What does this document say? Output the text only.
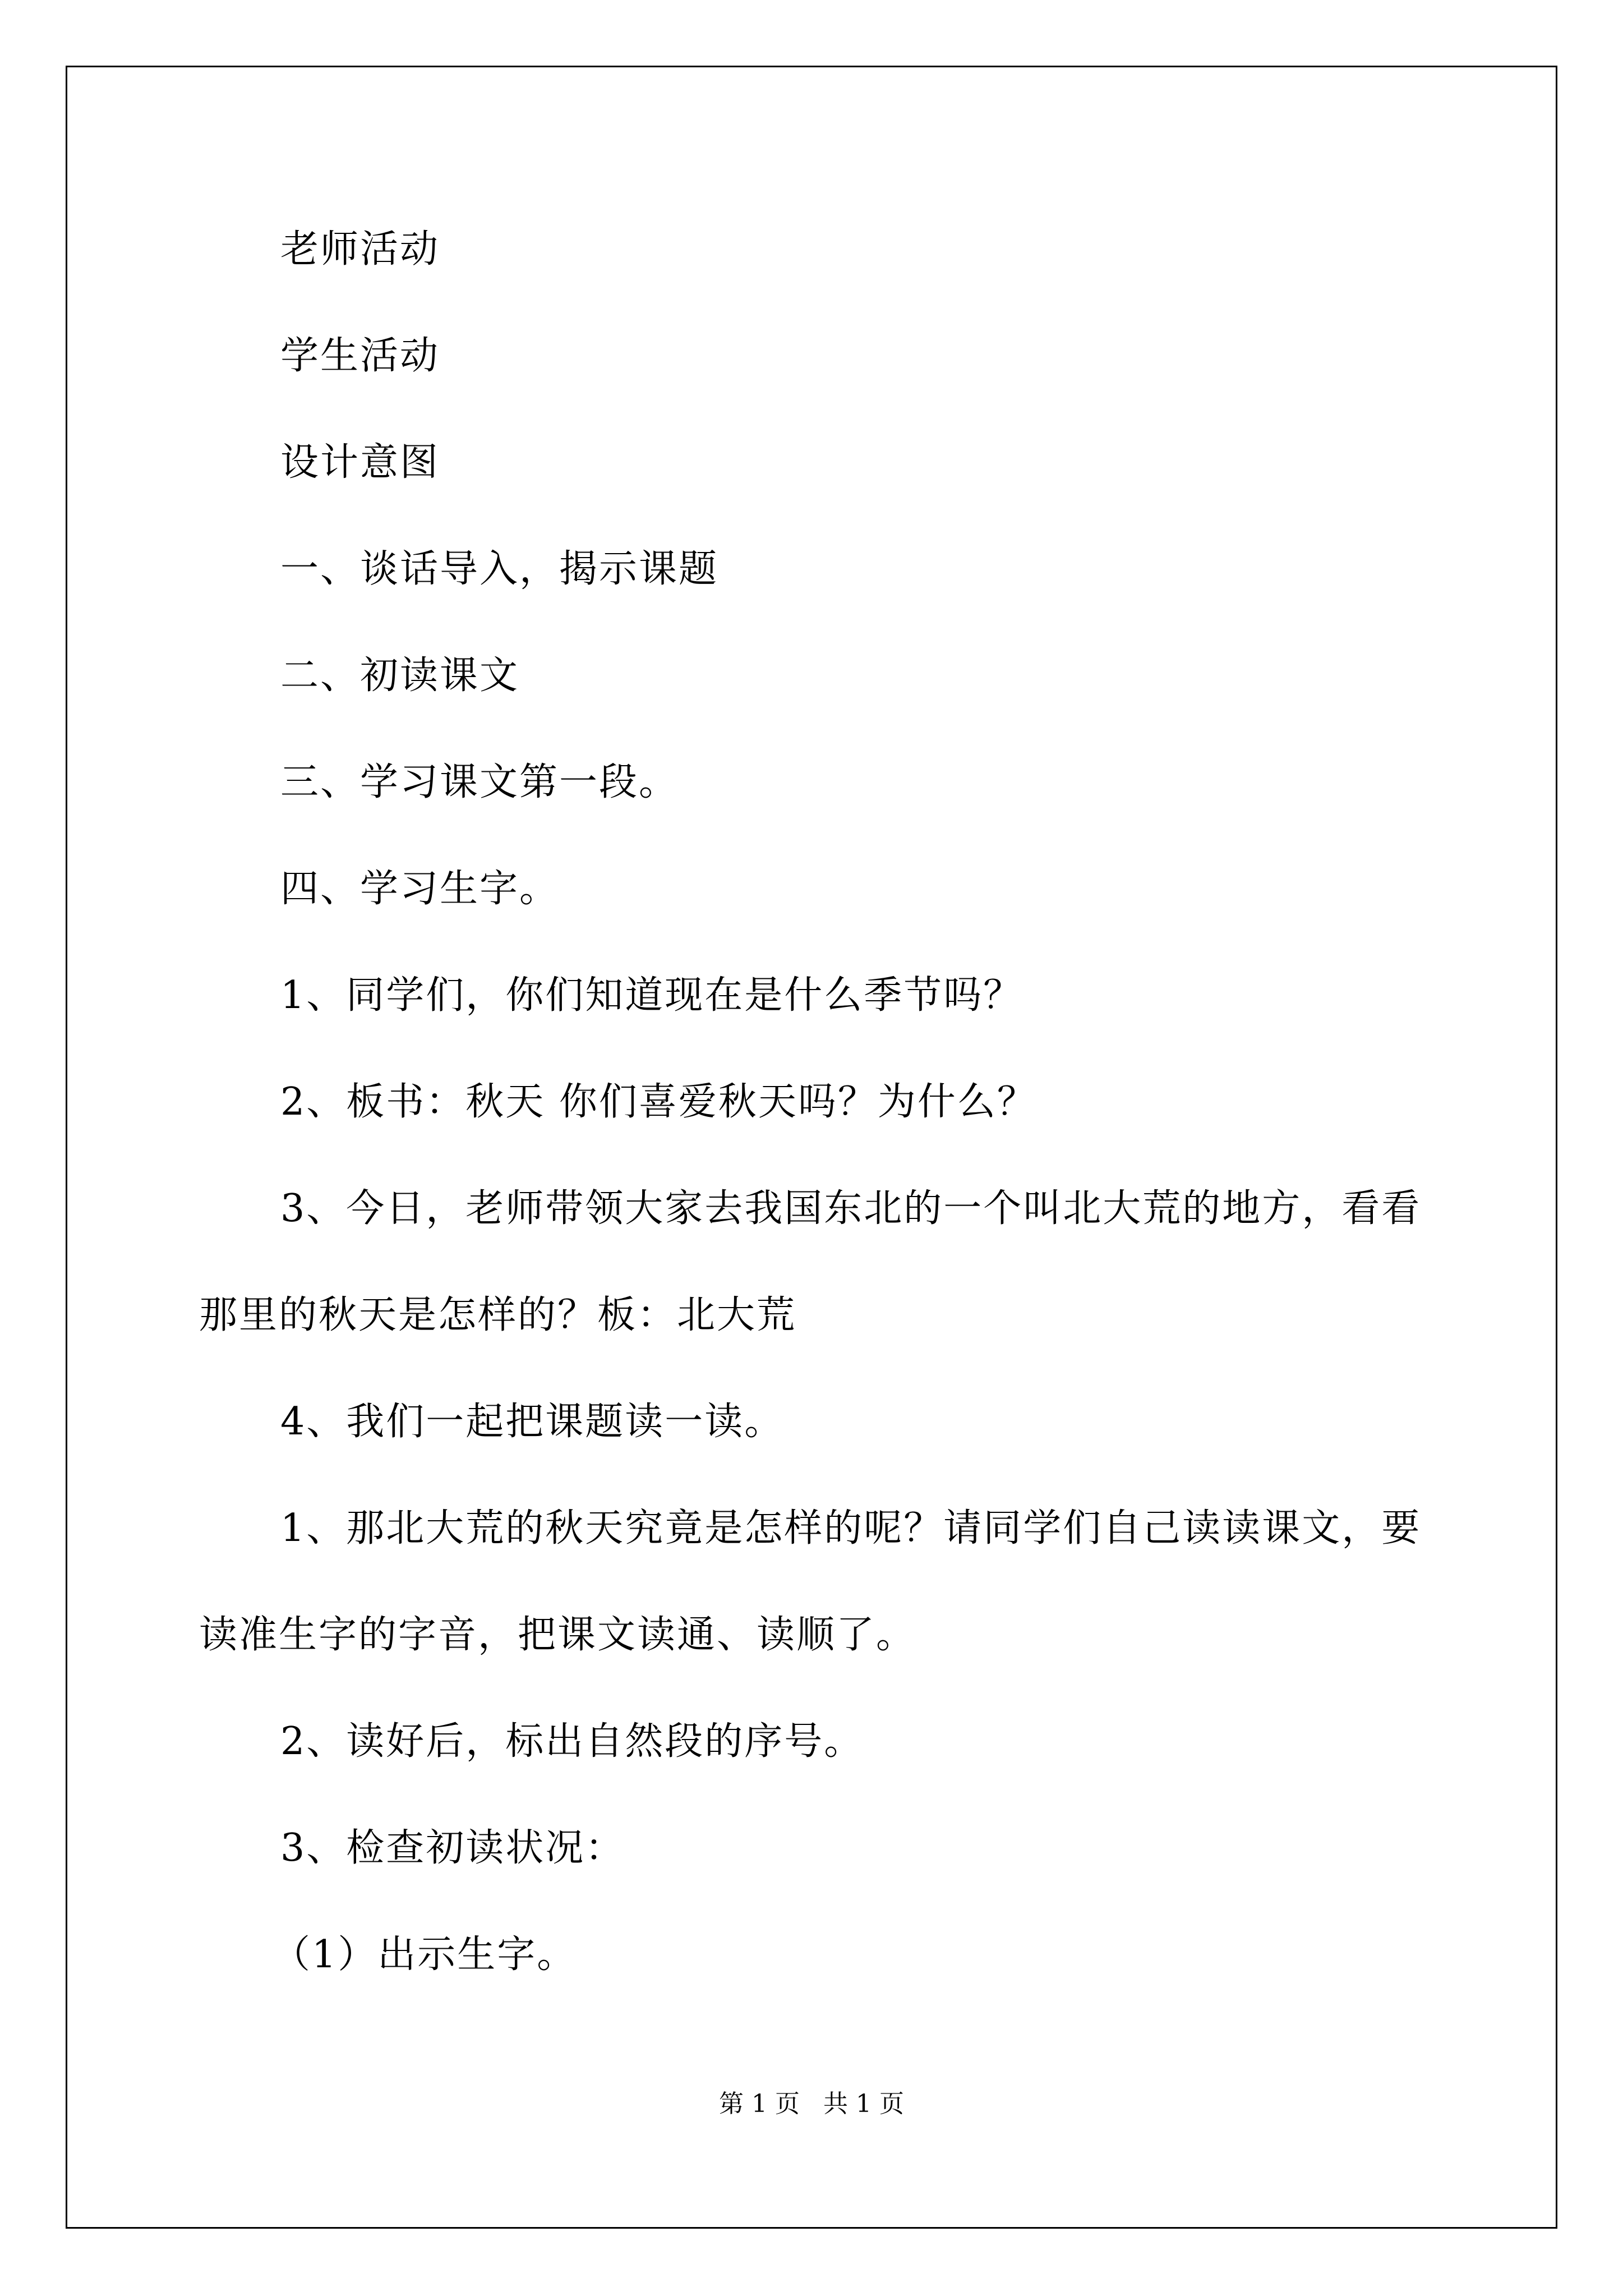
老师活动
学生活动
设计意图
一、谈话导入，揭示课题
二、初读课文
三、学习课文第一段。
四、学习生字。
1、同学们，你们知道现在是什么季节吗？
2、板书：秋天 你们喜爱秋天吗？为什么？
3、今日，老师带领大家去我国东北的一个叫北大荒的地方，看看
那里的秋天是怎样的？板：北大荒
4、我们一起把课题读一读。
1、那北大荒的秋天究竟是怎样的呢？请同学们自己读读课文，要
读准生字的字音，把课文读通、读顺了。
2、读好后，标出自然段的序号。
3、检查初读状况：
（1）出示生字。
第 1 页   共 1 页
